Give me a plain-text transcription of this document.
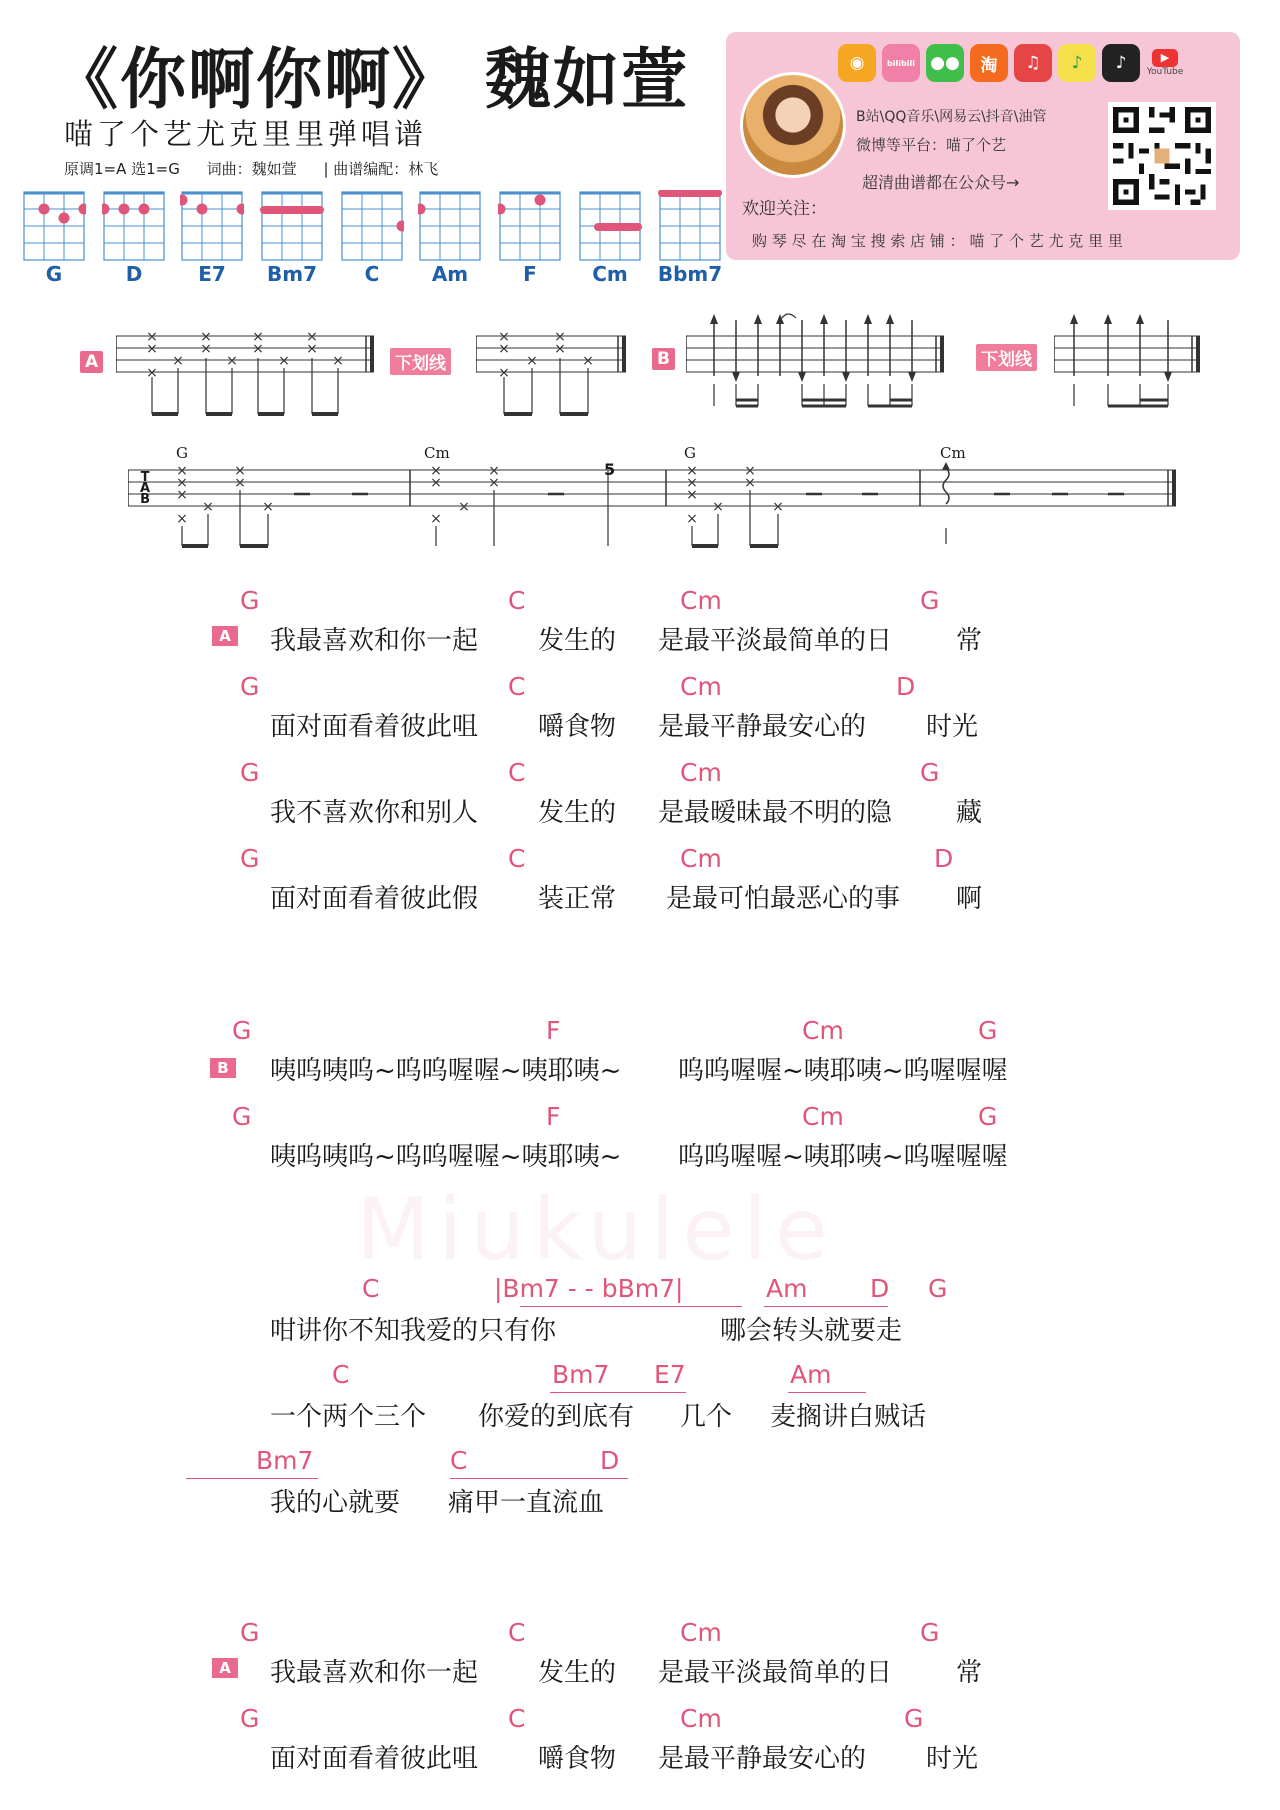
《你啊你啊》 魏如萱
喵了个艺尤克里里弹唱谱
原调1=A 选1=G 词曲：魏如萱 | 曲谱编配：林飞
G	D	E7	Bm7	C	Am	F	Cm	Bbm7
◉	bilibili ●● 淘	♫	♪	♪	▶
YouTube
B站\QQ音乐\网易云\抖音\油管
微博等平台：喵了个艺
超清曲谱都在公众号→
欢迎关注：
购 琴 尽 在 淘 宝 搜 索 店 铺 ： 喵 了 个 艺 尤 克 里 里
A
×
×
×
×
×
×
×
×
×
×
×
×
×	下划线
×
×
×
×
×
×
×	B	下划线
×
×
×
×
×
×
×
×
×
×
×
×
×
×
×
×
×
×
×
×
×
×
T
A
B
G	Cm	G	Cm
5
Miukulele
A
G	C	Cm	G
我最喜欢和你一起 发生的 是最平淡最简单的日 常
G	C	Cm	D
面对面看着彼此咀 嚼食物 是最平静最安心的 时光
G	C	Cm	G
我不喜欢你和别人 发生的 是最暧昧最不明的隐 藏
G	C	Cm	D
面对面看着彼此假 装正常 是最可怕最恶心的事 啊
B
G	F	Cm	G
咦呜咦呜~呜呜喔喔~咦耶咦~ 呜呜喔喔~咦耶咦~呜喔喔喔
G	F	Cm	G
咦呜咦呜~呜呜喔喔~咦耶咦~ 呜呜喔喔~咦耶咦~呜喔喔喔
C	|Bm7 - - bBm7|	Am	D G
咁讲你不知我爱的只有你	哪会转头就要走
C	Bm7 E7	Am
一个两个三个 你爱的到底有 几个 麦搁讲白贼话
Bm7	C	D
我的心就要 痛甲一直流血
A
G	C	Cm	G
我最喜欢和你一起 发生的 是最平淡最简单的日 常
G	C	Cm	G
面对面看着彼此咀 嚼食物 是最平静最安心的 时光
